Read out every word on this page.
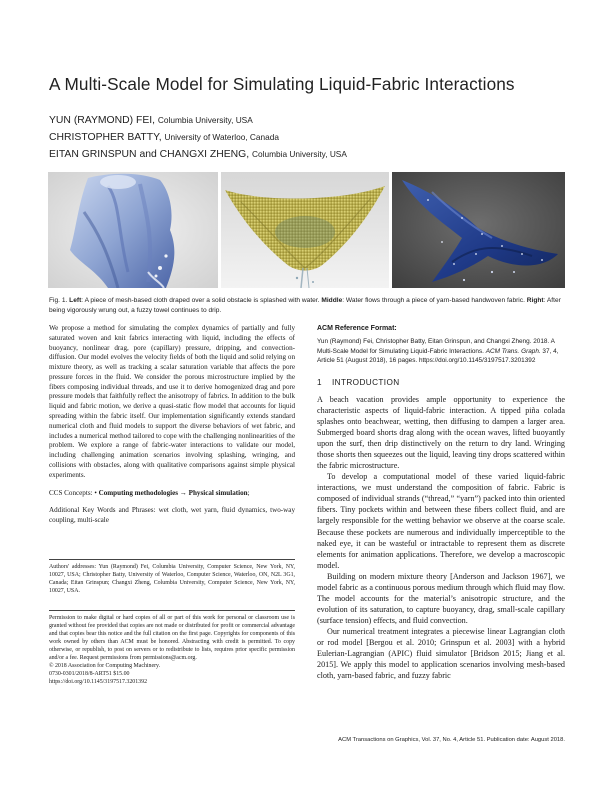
A Multi-Scale Model for Simulating Liquid-Fabric Interactions
YUN (RAYMOND) FEI, Columbia University, USA
CHRISTOPHER BATTY, University of Waterloo, Canada
EITAN GRINSPUN and CHANGXI ZHENG, Columbia University, USA
Fig. 1. Left: A piece of mesh-based cloth draped over a solid obstacle is splashed with water. Middle: Water flows through a piece of yarn-based handwoven fabric. Right: After being vigorously wrung out, a fuzzy towel continues to drip.

We propose a method for simulating the complex dynamics of partially and fully saturated woven and knit fabrics interacting with liquid, including the effects of buoyancy, nonlinear drag, pore (capillary) pressure, dripping, and convection-diffusion. Our model evolves the velocity fields of both the liquid and solid relying on mixture theory, as well as tracking a scalar saturation variable that affects the pore pressure forces in the fluid. We consider the porous microstructure implied by the fibers composing individual threads, and use it to derive homogenized drag and pore pressure models that faithfully reflect the anisotropy of fabrics. In addition to the bulk liquid and fabric motion, we derive a quasi-static flow model that accounts for liquid spreading within the fabric itself. Our implementation significantly extends standard numerical cloth and fluid models to support the diverse behaviors of wet fabric, and includes a numerical method tailored to cope with the challenging nonlinearities of the problem. We explore a range of fabric-water interactions to validate our model, including challenging animation scenarios involving splashing, wringing, and collisions with obstacles, along with qualitative comparisons against simple physical experiments.

CCS Concepts: • Computing methodologies → Physical simulation;

Additional Key Words and Phrases: wet cloth, wet yarn, fluid dynamics, two-way coupling, multi-scale

Authors' addresses: Yun (Raymond) Fei, Columbia University, Computer Science, New York, NY, 10027, USA; Christopher Batty, University of Waterloo, Computer Science, Waterloo, ON, N2L 3G1, Canada; Eitan Grinspun; Changxi Zheng, Columbia University, Computer Science, New York, NY, 10027, USA.

Permission to make digital or hard copies of all or part of this work for personal or classroom use is granted without fee provided that copies are not made or distributed for profit or commercial advantage and that copies bear this notice and the full citation on the first page. Copyrights for components of this work owned by others than ACM must be honored. Abstracting with credit is permitted. To copy otherwise, or republish, to post on servers or to redistribute to lists, requires prior specific permission and/or a fee. Request permissions from permissions@acm.org.

© 2018 Association for Computing Machinery.
0730-0301/2018/8-ART51 $15.00
https://doi.org/10.1145/3197517.3201392

ACM Reference Format:

Yun (Raymond) Fei, Christopher Batty, Eitan Grinspun, and Changxi Zheng. 2018. A Multi-Scale Model for Simulating Liquid-Fabric Interactions. ACM Trans. Graph. 37, 4, Article 51 (August 2018), 16 pages. https://doi.org/10.1145/3197517.3201392

1 INTRODUCTION

A beach vacation provides ample opportunity to experience the characteristic aspects of liquid-fabric interaction. A tipped piña colada splashes onto beachwear, wetting, then diffusing to dampen a larger area. Submerged board shorts drag along with the ocean waves, lifted buoyantly upon the surf, then drip distinctively on the return to dry land. Wringing those shorts then squeezes out the liquid, leaving tiny drops scattered within the fabric microstructure.

To develop a computational model of these varied liquid-fabric interactions, we must understand the composition of fabric. Fabric is composed of individual strands (“thread,” “yarn”) packed into thin oriented fibers. Tiny pockets within and between these fibers collect fluid, and are largely responsible for the wetting behavior we observe at the coarse scale. Because these pockets are numerous and individually imperceptible to the naked eye, it can be wasteful or intractable to represent them as discrete elements for animation applications. Therefore, we develop a macroscopic model.

Building on modern mixture theory [Anderson and Jackson 1967], we model fabric as a continuous porous medium through which fluid may flow. The model accounts for the material’s anisotropic structure, and the evolution of its saturation, to capture buoyancy, drag, small-scale capillary (surface tension) effects, and fluid convection.

Our numerical treatment integrates a piecewise linear Lagrangian cloth or rod model [Bergou et al. 2010; Grinspun et al. 2003] with a hybrid Eulerian-Lagrangian (APIC) fluid simulator [Bridson 2015; Jiang et al. 2015]. We apply this model to application scenarios involving mesh-based cloth, yarn-based fabric, and fuzzy fabric

ACM Transactions on Graphics, Vol. 37, No. 4, Article 51. Publication date: August 2018.
